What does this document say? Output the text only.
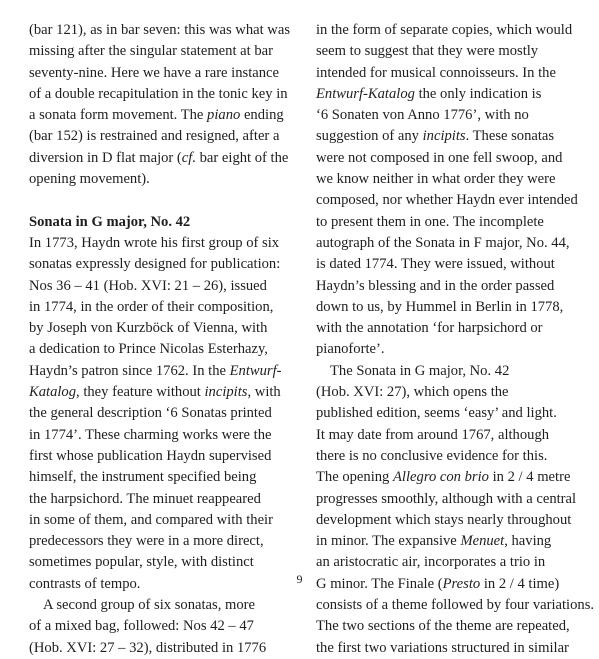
(bar 121), as in bar seven: this was what was
missing after the singular statement at bar
seventy-nine. Here we have a rare instance
of a double recapitulation in the tonic key in
a sonata form movement. The piano ending
(bar 152) is restrained and resigned, after a
diversion in D flat major (cf. bar eight of the
opening movement).
Sonata in G major, No. 42
In 1773, Haydn wrote his first group of six
sonatas expressly designed for publication:
Nos 36 – 41 (Hob. XVI: 21 – 26), issued
in 1774, in the order of their composition,
by Joseph von Kurzböck of Vienna, with
a dedication to Prince Nicolas Esterhazy,
Haydn’s patron since 1762. In the Entwurf-
Katalog, they feature without incipits, with
the general description ‘6 Sonatas printed
in 1774’. These charming works were the
first whose publication Haydn supervised
himself, the instrument specified being
the harpsichord. The minuet reappeared
in some of them, and compared with their
predecessors they were in a more direct,
sometimes popular, style, with distinct
contrasts of tempo.
A second group of six sonatas, more
of a mixed bag, followed: Nos 42 – 47
(Hob. XVI: 27 – 32), distributed in 1776
in the form of separate copies, which would
seem to suggest that they were mostly
intended for musical connoisseurs. In the
Entwurf-Katalog the only indication is
‘6 Sonaten von Anno 1776’, with no
suggestion of any incipits. These sonatas
were not composed in one fell swoop, and
we know neither in what order they were
composed, nor whether Haydn ever intended
to present them in one. The incomplete
autograph of the Sonata in F major, No. 44,
is dated 1774. They were issued, without
Haydn’s blessing and in the order passed
down to us, by Hummel in Berlin in 1778,
with the annotation ‘for harpsichord or
pianoforte’.
The Sonata in G major, No. 42
(Hob. XVI: 27), which opens the
published edition, seems ‘easy’ and light.
It may date from around 1767, although
there is no conclusive evidence for this.
The opening Allegro con brio in 2 / 4 metre
progresses smoothly, although with a central
development which stays nearly throughout
in minor. The expansive Menuet, having
an aristocratic air, incorporates a trio in
G minor. The Finale (Presto in 2 / 4 time)
consists of a theme followed by four variations.
The two sections of the theme are repeated,
the first two variations structured in similar
9
